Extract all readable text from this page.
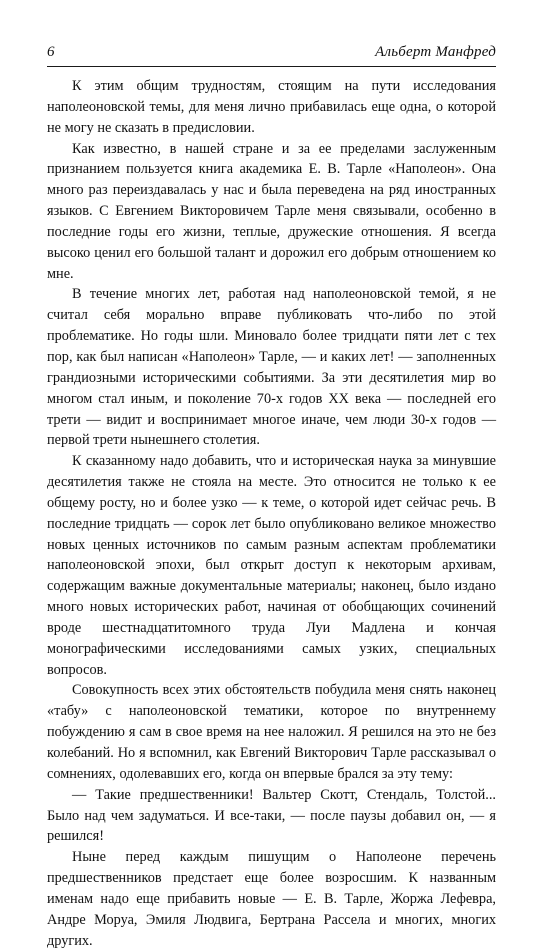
6	Альберт Манфред

К этим общим трудностям, стоящим на пути исследования наполеоновской темы, для меня лично прибавилась еще одна, о которой не могу не сказать в предисловии.

Как известно, в нашей стране и за ее пределами заслуженным признанием пользуется книга академика Е. В. Тарле «Наполеон». Она много раз переиздавалась у нас и была переведена на ряд иностранных языков. С Евгением Викторовичем Тарле меня связывали, особенно в последние годы его жизни, теплые, дружеские отношения. Я всегда высоко ценил его большой талант и дорожил его добрым отношением ко мне.

В течение многих лет, работая над наполеоновской темой, я не считал себя морально вправе публиковать что-либо по этой проблематике. Но годы шли. Миновало более тридцати пяти лет с тех пор, как был написан «Наполеон» Тарле, — и каких лет! — заполненных грандиозными историческими событиями. За эти десятилетия мир во многом стал иным, и поколение 70-х годов XX века — последней его трети — видит и воспринимает многое иначе, чем люди 30-х годов — первой трети нынешнего столетия.

К сказанному надо добавить, что и историческая наука за минувшие десятилетия также не стояла на месте. Это относится не только к ее общему росту, но и более узко — к теме, о которой идет сейчас речь. В последние тридцать — сорок лет было опубликовано великое множество новых ценных источников по самым разным аспектам проблематики наполеоновской эпохи, был открыт доступ к некоторым архивам, содержащим важные документальные материалы; наконец, было издано много новых исторических работ, начиная от обобщающих сочинений вроде шестнадцатитомного труда Луи Мадлена и кончая монографическими исследованиями самых узких, специальных вопросов.

Совокупность всех этих обстоятельств побудила меня снять наконец «табу» с наполеоновской тематики, которое по внутреннему побуждению я сам в свое время на нее наложил. Я решился на это не без колебаний. Но я вспомнил, как Евгений Викторович Тарле рассказывал о сомнениях, одолевавших его, когда он впервые брался за эту тему:

— Такие предшественники! Вальтер Скотт, Стендаль, Толстой... Было над чем задуматься. И все-таки, — после паузы добавил он, — я решился!

Ныне перед каждым пишущим о Наполеоне перечень предшественников предстает еще более возросшим. К названным именам надо еще прибавить новые — Е. В. Тарле, Жоржа Лефевра, Андре Моруа, Эмиля Людвига, Бертрана Рассела и многих, многих других.
